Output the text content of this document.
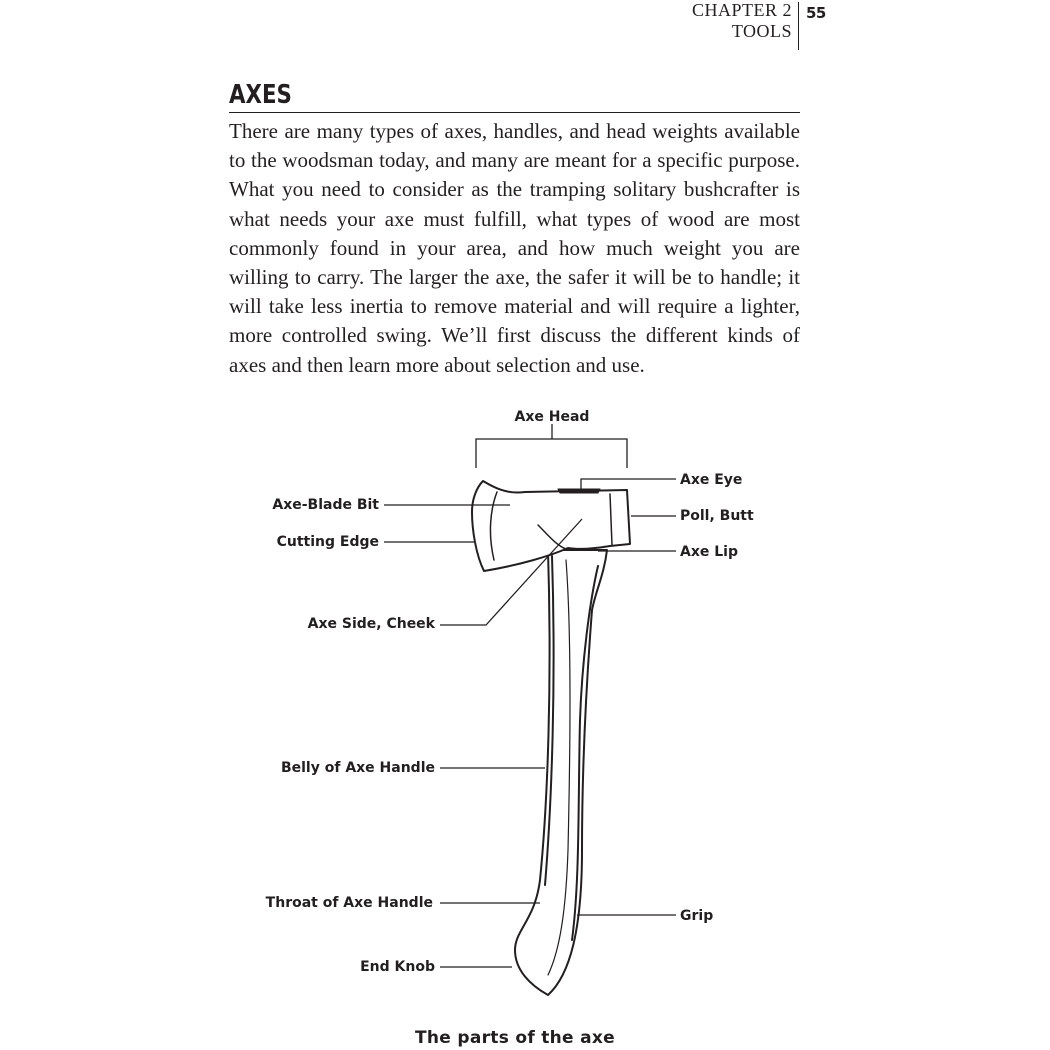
CHAPTER 2
TOOLS
55
AXES

There are many types of axes, handles, and head weights available to the woodsman today, and many are meant for a specific purpose. What you need to consider as the tramping solitary bushcrafter is what needs your axe must fulfill, what types of wood are most commonly found in your area, and how much weight you are willing to carry. The larger the axe, the safer it will be to handle; it will take less inertia to remove material and will require a lighter, more controlled swing. We’ll first discuss the different kinds of axes and then learn more about selection and use.

Axe Head
Axe Eye
Axe-Blade Bit
Poll, Butt
Cutting Edge
Axe Lip
Axe Side, Cheek
Belly of Axe Handle
Throat of Axe Handle
Grip
End Knob
The parts of the axe
